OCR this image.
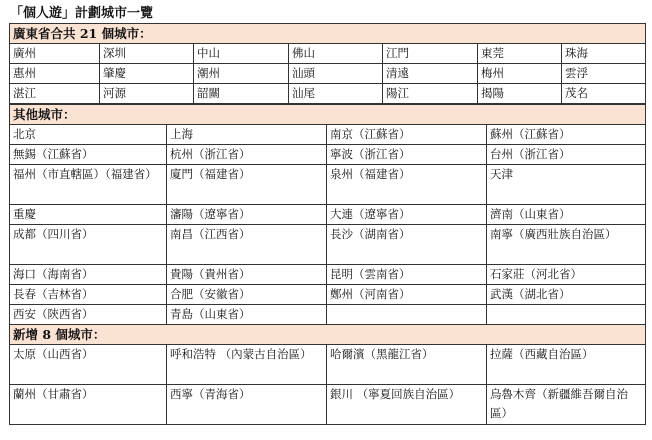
「個人遊」計劃城市一覽
廣東省合共 21 個城市：						
廣州	深圳	中山	佛山	江門	東莞	珠海
惠州	肇慶	潮州	汕頭	清遠	梅州	雲浮
湛江	河源	韶關	汕尾	陽江	揭陽	茂名
其他城市：			
北京	上海	南京（江蘇省）	蘇州（江蘇省）
無錫（江蘇省）	杭州（浙江省）	寧波（浙江省）	台州（浙江省）
福州（市直轄區）（福建省）	廈門（福建省）	泉州（福建省）	天津
重慶	瀋陽（遼寧省）	大連（遼寧省）	濟南（山東省）
成都（四川省）	南昌（江西省）	長沙（湖南省）	南寧（廣西壯族自治區）
海口（海南省）	貴陽（貴州省）	昆明（雲南省）	石家莊（河北省）
長春（吉林省）	合肥（安徽省）	鄭州（河南省）	武漢（湖北省）
西安（陝西省）	青島（山東省）		
新增 8 個城市：			
太原（山西省）	呼和浩特 （內蒙古自治區）	哈爾濱（黑龍江省）	拉薩（西藏自治區）
蘭州（甘肅省）	西寧（青海省）	銀川 （寧夏回族自治區）	烏魯木齊（新疆維吾爾自治區）
